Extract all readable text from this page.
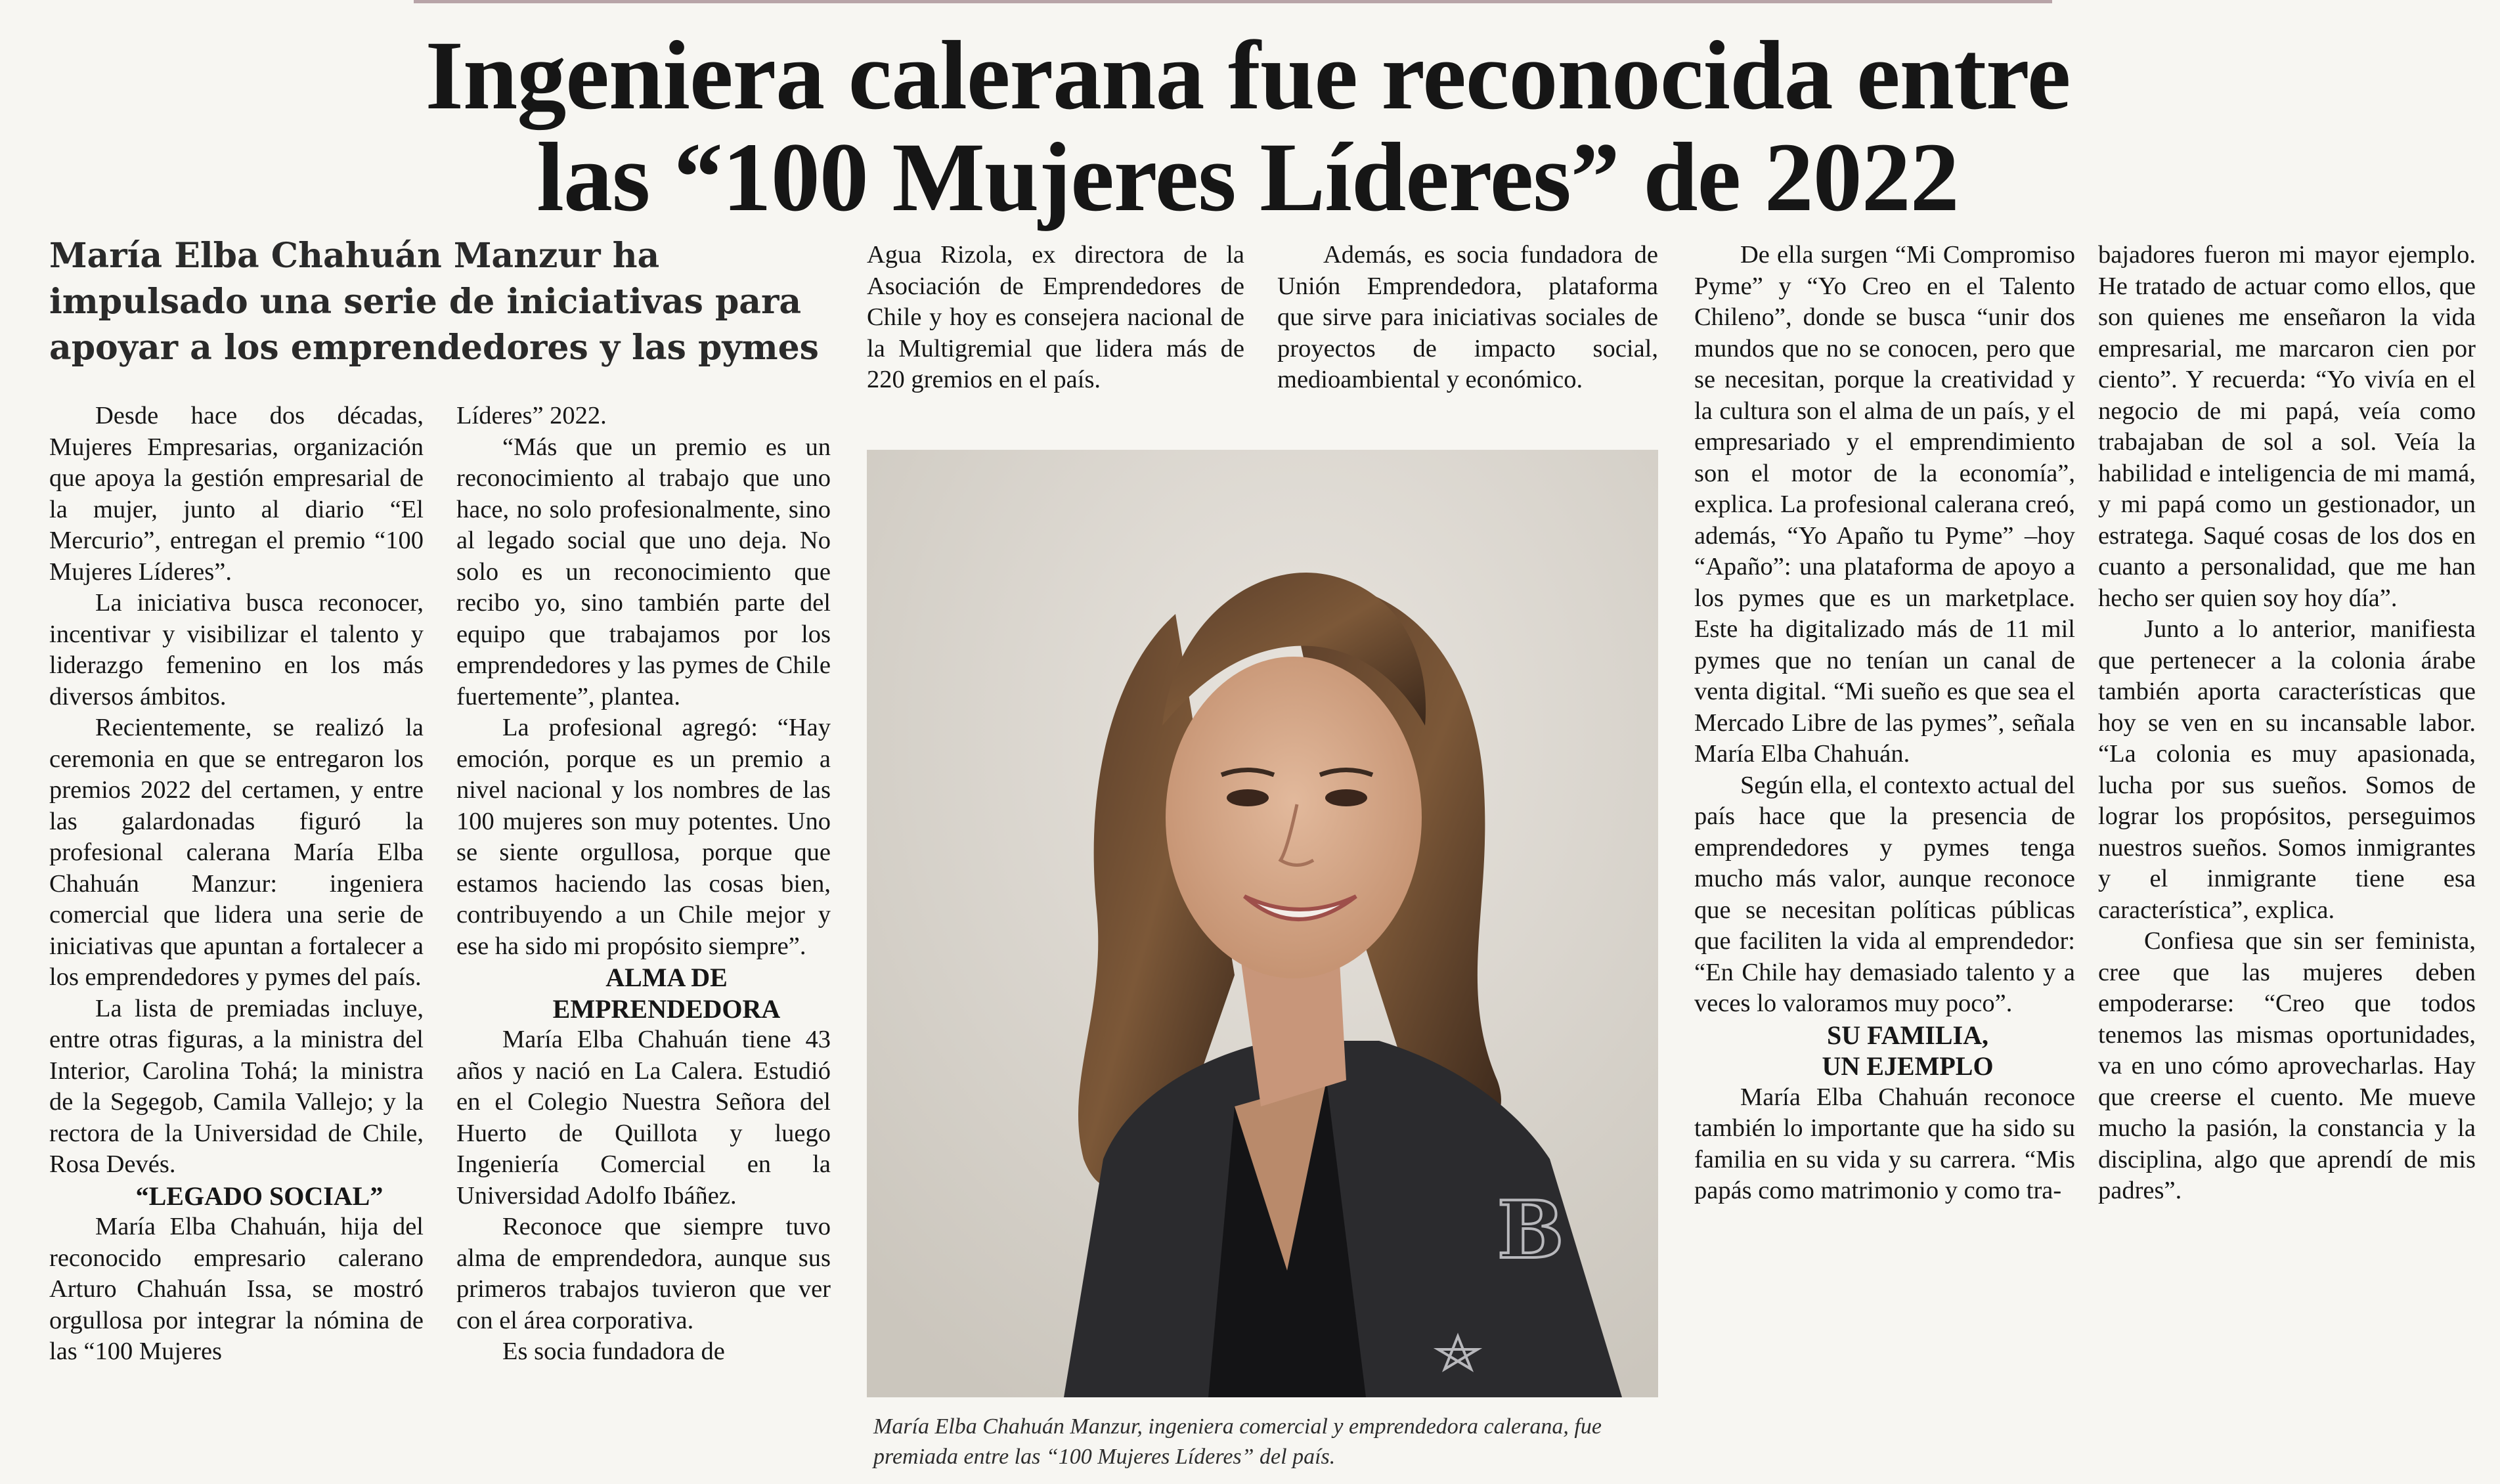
Ingeniera calerana fue reconocida entre
las “100 Mujeres Líderes” de 2022
María Elba Chahuán Manzur ha impulsado una serie de iniciativas para apoyar a los emprendedores y las pymes

Desde hace dos décadas, Mujeres Empresarias, organización que apoya la gestión empresarial de la mujer, junto al diario “El Mercurio”, entregan el premio “100 Mujeres Líderes”.

La iniciativa busca reconocer, incentivar y visibilizar el talento y liderazgo femenino en los más diversos ámbitos.

Recientemente, se realizó la ceremonia en que se entregaron los premios 2022 del certamen, y entre las galardonadas figuró la profesional calerana María Elba Chahuán Manzur: ingeniera comercial que lidera una serie de iniciativas que apuntan a fortalecer a los emprendedores y pymes del país.

La lista de premiadas incluye, entre otras figuras, a la ministra del Interior, Carolina Tohá; la ministra de la Segegob, Camila Vallejo; y la rectora de la Universidad de Chile, Rosa Devés.

“LEGADO SOCIAL”

María Elba Chahuán, hija del reconocido empresario calerano Arturo Chahuán Issa, se mostró orgullosa por integrar la nómina de las “100 Mujeres

Líderes” 2022.

“Más que un premio es un reconocimiento al trabajo que uno hace, no solo profesionalmente, sino al legado social que uno deja. No solo es un reconocimiento que recibo yo, sino también parte del equipo que trabajamos por los emprendedores y las pymes de Chile fuertemente”, plantea.

La profesional agregó: “Hay emoción, porque es un premio a nivel nacional y los nombres de las 100 mujeres son muy potentes. Uno se siente orgullosa, porque que estamos haciendo las cosas bien, contribuyendo a un Chile mejor y ese ha sido mi propósito siempre”.

ALMA DE

EMPRENDEDORA

María Elba Chahuán tiene 43 años y nació en La Calera. Estudió en el Colegio Nuestra Señora del Huerto de Quillota y luego Ingeniería Comercial en la Universidad Adolfo Ibáñez.

Reconoce que siempre tuvo alma de emprendedora, aunque sus primeros trabajos tuvieron que ver con el área corporativa.

Es socia fundadora de

Agua Rizola, ex directora de la Asociación de Emprendedores de Chile y hoy es consejera nacional de la Multigremial que lidera más de 220 gremios en el país.

Además, es socia fundadora de Unión Emprendedora, plataforma que sirve para iniciativas sociales de proyectos de impacto social, medioambiental y económico.

B
María Elba Chahuán Manzur, ingeniera comercial y emprendedora calerana, fue premiada entre las “100 Mujeres Líderes” del país.

De ella surgen “Mi Compromiso Pyme” y “Yo Creo en el Talento Chileno”, donde se busca “unir dos mundos que no se conocen, pero que se necesitan, porque la creatividad y la cultura son el alma de un país, y el empresariado y el emprendimiento son el motor de la economía”, explica. La profesional calerana creó, además, “Yo Apaño tu Pyme” –hoy “Apaño”: una plataforma de apoyo a los pymes que es un marketplace. Este ha digitalizado más de 11 mil pymes que no tenían un canal de venta digital. “Mi sueño es que sea el Mercado Libre de las pymes”, señala María Elba Chahuán.

Según ella, el contexto actual del país hace que la presencia de emprendedores y pymes tenga mucho más valor, aunque reconoce que se necesitan políticas públicas que faciliten la vida al emprendedor: “En Chile hay demasiado talento y a veces lo valoramos muy poco”.

SU FAMILIA,

UN EJEMPLO

María Elba Chahuán reconoce también lo importante que ha sido su familia en su vida y su carrera. “Mis papás como matrimonio y como tra-

bajadores fueron mi mayor ejemplo. He tratado de actuar como ellos, que son quienes me enseñaron la vida empresarial, me marcaron cien por ciento”. Y recuerda: “Yo vivía en el negocio de mi papá, veía como trabajaban de sol a sol. Veía la habilidad e inteligencia de mi mamá, y mi papá como un gestionador, un estratega. Saqué cosas de los dos en cuanto a personalidad, que me han hecho ser quien soy hoy día”.

Junto a lo anterior, manifiesta que pertenecer a la colonia árabe también aporta características que hoy se ven en su incansable labor. “La colonia es muy apasionada, lucha por sus sueños. Somos de lograr los propósitos, perseguimos nuestros sueños. Somos inmigrantes y el inmigrante tiene esa característica”, explica.

Confiesa que sin ser feminista, cree que las mujeres deben empoderarse: “Creo que todos tenemos las mismas oportunidades, va en uno cómo aprovecharlas. Hay que creerse el cuento. Me mueve mucho la pasión, la constancia y la disciplina, algo que aprendí de mis padres”.
